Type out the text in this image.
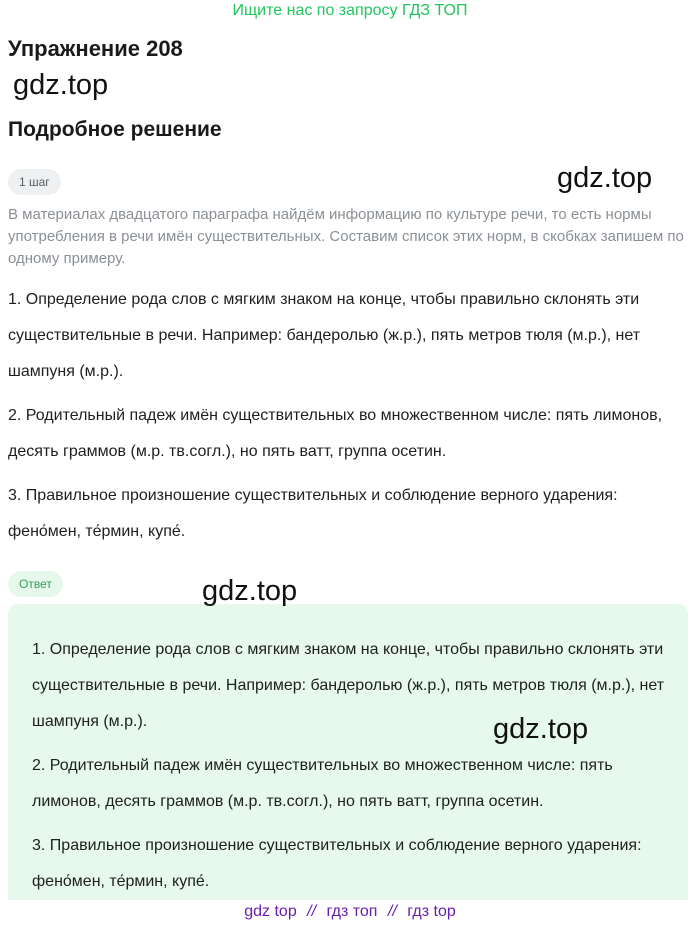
Ищите нас по запросу ГДЗ ТОП
Упражнение 208
gdz.top
Подробное решение
1 шаг	gdz.top
В материалах двадцатого параграфа найдём информацию по культуре речи, то есть нормы употребления в речи имён существительных. Составим список этих норм, в скобках запишем по одному примеру.

1. Определение рода слов с мягким знаком на конце, чтобы правильно склонять эти существительные в речи. Например: бандеролью (ж.р.), пять метров тюля (м.р.), нет шампуня (м.р.).

2. Родительный падеж имён существительных во множественном числе: пять лимонов, десять граммов (м.р. тв.согл.), но пять ватт, группа осетин.

3. Правильное произношение существительных и соблюдение верного ударения: фено́мен, те́рмин, купе́.

Ответ

1. Определение рода слов с мягким знаком на конце, чтобы правильно склонять эти существительные в речи. Например: бандеролью (ж.р.), пять метров тюля (м.р.), нет шампуня (м.р.).

2. Родительный падеж имён существительных во множественном числе: пять лимонов, десять граммов (м.р. тв.согл.), но пять ватт, группа осетин.

3. Правильное произношение существительных и соблюдение верного ударения: фено́мен, те́рмин, купе́.

gdz.top
gdz.top
gdz top // гдз топ // гдз top
